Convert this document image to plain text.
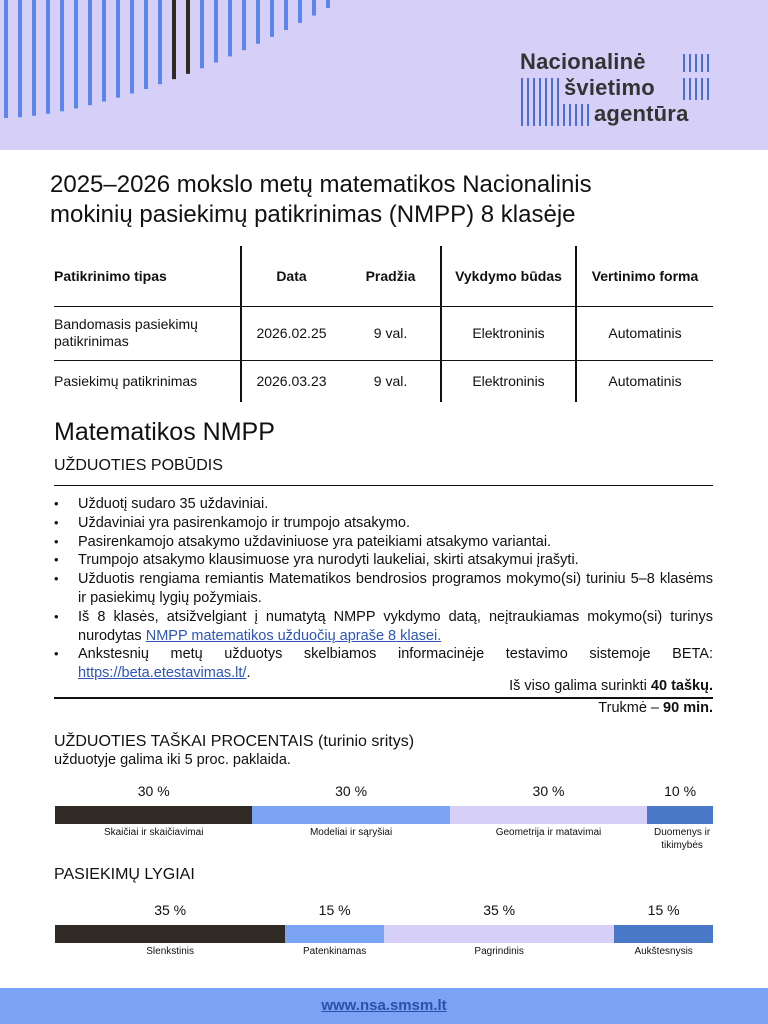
Nacionalinė
švietimo
agentūra
2025–2026 mokslo metų matematikos Nacionalinis
mokinių pasiekimų patikrinimas (NMPP) 8 klasėje
Patikrinimo tipas	Data	Pradžia	Vykdymo būdas	Vertinimo forma
Bandomasis pasiekimų patikrinimas	2026.02.25	9 val.	Elektroninis	Automatinis
Pasiekimų patikrinimas	2026.03.23	9 val.	Elektroninis	Automatinis
Matematikos NMPP
UŽDUOTIES POBŪDIS
• Užduotį sudaro 35 uždaviniai.
• Uždaviniai yra pasirenkamojo ir trumpojo atsakymo.
• Pasirenkamojo atsakymo uždaviniuose yra pateikiami atsakymo variantai.
• Trumpojo atsakymo klausimuose yra nurodyti laukeliai, skirti atsakymui įrašyti.
• Užduotis rengiama remiantis Matematikos bendrosios programos mokymo(si) turiniu 5–8 klasėms ir pasiekimų lygių požymiais.
• Iš 8 klasės, atsižvelgiant į numatytą NMPP vykdymo datą, neįtraukiamas mokymo(si) turinys nurodytas NMPP matematikos užduočių apraše 8 klasei.
• Ankstesnių metų užduotys skelbiamos informacinėje testavimo sistemoje BETA: https://beta.etestavimas.lt/.
Iš viso galima surinkti 40 taškų.
Trukmė – 90 min.
UŽDUOTIES TAŠKAI PROCENTAIS (turinio sritys)
užduotyje galima iki 5 proc. paklaida.
30 %
Skaičiai ir skaičiavimai
30 %
Modeliai ir sąryšiai
30 %
Geometrija ir matavimai
10 %
Duomenys ir tikimybės
PASIEKIMŲ LYGIAI
35 %
Slenkstinis
15 %
Patenkinamas
35 %
Pagrindinis
15 %
Aukštesnysis
www.nsa.smsm.lt
